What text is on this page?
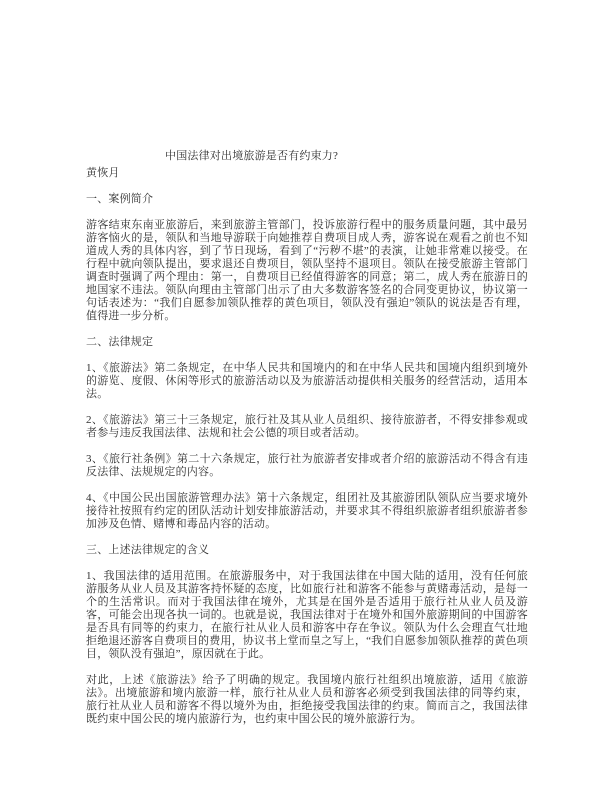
中国法律对出境旅游是否有约束力?
黄恢月
一、案例简介

游客结束东南亚旅游后，来到旅游主管部门，投诉旅游行程中的服务质量问题，其中最另游客恼火的是，领队和当地导游联于向她推荐自费项目成人秀，游客说在观看之前也不知道成人秀的具体内容，到了节日现场，看到了“污秽不堪”的表演，让她非常难以接受。在行程中就向领队提出，要求退还自费项目，领队坚持不退项目。领队在接受旅游主管部门调查时强调了两个理由：第一，自费项目已经值得游客的同意；第二，成人秀在旅游日的地国家不违法。领队向理由主管部门出示了由大多数游客签名的合同变更协议，协议第一句话表述为：“我们自愿参加领队推荐的黄色项目，领队没有强迫”领队的说法是否有理，值得进一步分析。

二、法律规定

1、《旅游法》第二条规定，在中华人民共和国境内的和在中华人民共和国境内组织到境外的游览、度假、休闲等形式的旅游活动以及为旅游活动提供相关服务的经营活动，适用本法。

2、《旅游法》第三十三条规定，旅行社及其从业人员组织、接待旅游者，不得安排参观或者参与违反我国法律、法规和社会公德的项目或者活动。

3、《旅行社条例》第二十六条规定，旅行社为旅游者安排或者介绍的旅游活动不得含有违反法律、法规规定的内容。

4、《中国公民出国旅游管理办法》第十六条规定，组团社及其旅游团队领队应当要求境外接待社按照有约定的团队活动计划安排旅游活动，并要求其不得组织旅游者组织旅游者参加涉及色情、赌博和毒品内容的活动。

三、上述法律规定的含义

1、我国法律的适用范围。在旅游服务中，对于我国法律在中国大陆的适用，没有任何旅游服务从业人员及其游客持怀疑的态度，比如旅行社和游客不能参与黄赌毒活动，是每一个的生活常识。而对于我国法律在境外，尤其是在国外是否适用于旅行社从业人员及游客，可能会出现各执一词的。也就是说，我国法律对于在境外和国外旅游期间的中国游客是否具有同等的约束力，在旅行社从业人员和游客中存在争议。领队为什么会理直气壮地拒绝退还游客自费项目的费用，协议书上堂而皇之写上，“我们自愿参加领队推荐的黄色项目，领队没有强迫”，原因就在于此。

对此，上述《旅游法》给予了明确的规定。我国境内旅行社组织出境旅游，适用《旅游法》。出境旅游和境内旅游一样，旅行社从业人员和游客必须受到我国法律的同等约束，旅行社从业人员和游客不得以境外为由，拒绝接受我国法律的约束。简而言之，我国法律既约束中国公民的境内旅游行为，也约束中国公民的境外旅游行为。
